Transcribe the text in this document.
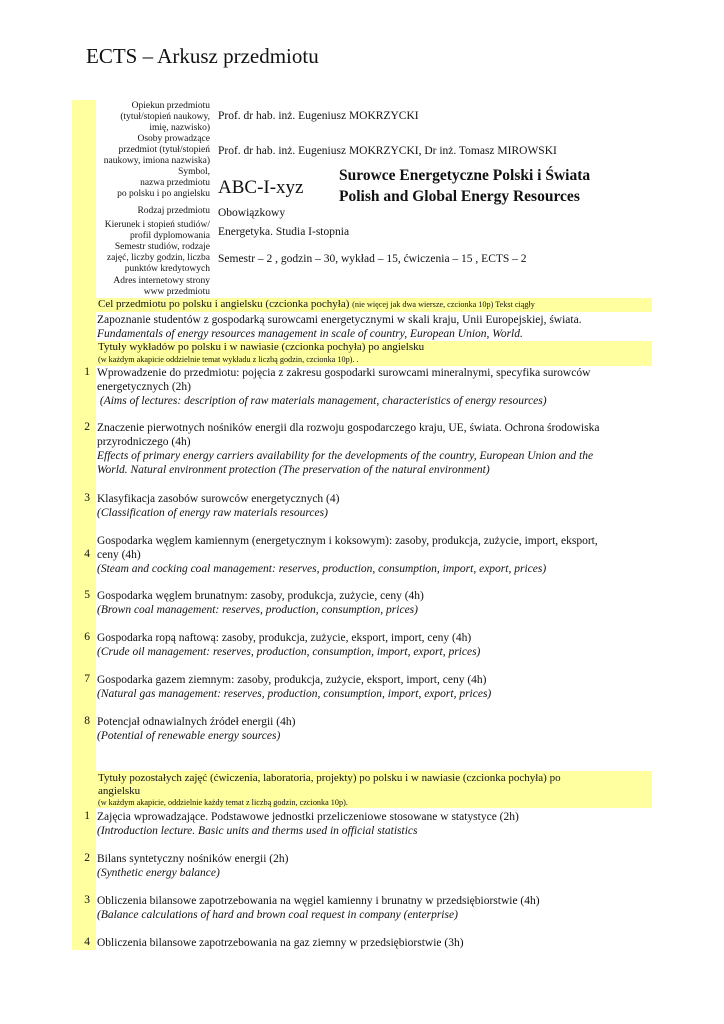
ECTS – Arkusz przedmiotu
Opiekun przedmiotu
(tytuł/stopień naukowy,
imię, nazwisko)
Osoby prowadzące
przedmiot (tytuł/stopień
naukowy, imiona nazwiska)
Symbol,
nazwa przedmiotu
po polsku i po angielsku
Rodzaj przedmiotu
Kierunek i stopień studiów/
profil dyplomowania
Semestr studiów, rodzaje
zajęć, liczby godzin, liczba
punktów kredytowych
Adres internetowy strony
www przedmiotu
Prof. dr hab. inż. Eugeniusz MOKRZYCKI
Prof. dr hab. inż. Eugeniusz MOKRZYCKI, Dr inż. Tomasz MIROWSKI
ABC-I-xyz
Surowce Energetyczne Polski i Świata
Polish and Global Energy Resources
Obowiązkowy
Energetyka. Studia I-stopnia
Semestr – 2 , godzin – 30, wykład – 15, ćwiczenia – 15 , ECTS – 2
Cel przedmiotu po polsku i angielsku (czcionka pochyła) (nie więcej jak dwa wiersze, czcionka 10p) Tekst ciągły
Zapoznanie studentów z gospodarką surowcami energetycznymi w skali kraju, Unii Europejskiej, świata.
Fundamentals of energy resources management in scale of country, European Union, World.
Tytuły wykładów po polsku i w nawiasie (czcionka pochyła) po angielsku
(w każdym akapicie oddzielnie temat wykładu z liczbą godzin, czcionka 10p). .
1 Wprowadzenie do przedmiotu: pojęcia z zakresu gospodarki surowcami mineralnymi, specyfika surowców
energetycznych (2h)
(Aims of lectures: description of raw materials management, characteristics of energy resources)
2 Znaczenie pierwotnych nośników energii dla rozwoju gospodarczego kraju, UE, świata. Ochrona środowiska
przyrodniczego (4h)
Effects of primary energy carriers availability for the developments of the country, European Union and the
World. Natural environment protection (The preservation of the natural environment)
3 Klasyfikacja zasobów surowców energetycznych (4)
(Classification of energy raw materials resources)
4
Gospodarka węglem kamiennym (energetycznym i koksowym): zasoby, produkcja, zużycie, import, eksport,
ceny (4h)
(Steam and cocking coal management: reserves, production, consumption, import, export, prices)
5 Gospodarka węglem brunatnym: zasoby, produkcja, zużycie, ceny (4h)
(Brown coal management: reserves, production, consumption, prices)
6 Gospodarka ropą naftową: zasoby, produkcja, zużycie, eksport, import, ceny (4h)
(Crude oil management: reserves, production, consumption, import, export, prices)
7 Gospodarka gazem ziemnym: zasoby, produkcja, zużycie, eksport, import, ceny (4h)
(Natural gas management: reserves, production, consumption, import, export, prices)
8 Potencjał odnawialnych źródeł energii (4h)
(Potential of renewable energy sources)
Tytuły pozostałych zajęć (ćwiczenia, laboratoria, projekty) po polsku i w nawiasie (czcionka pochyła) po
angielsku
(w każdym akapicie, oddzielnie każdy temat z liczbą godzin, czcionka 10p).
1 Zajęcia wprowadzające. Podstawowe jednostki przeliczeniowe stosowane w statystyce (2h)
(Introduction lecture. Basic units and therms used in official statistics
2 Bilans syntetyczny nośników energii (2h)
(Synthetic energy balance)
3 Obliczenia bilansowe zapotrzebowania na węgiel kamienny i brunatny w przedsiębiorstwie (4h)
(Balance calculations of hard and brown coal request in company (enterprise)
4 Obliczenia bilansowe zapotrzebowania na gaz ziemny w przedsiębiorstwie (3h)
